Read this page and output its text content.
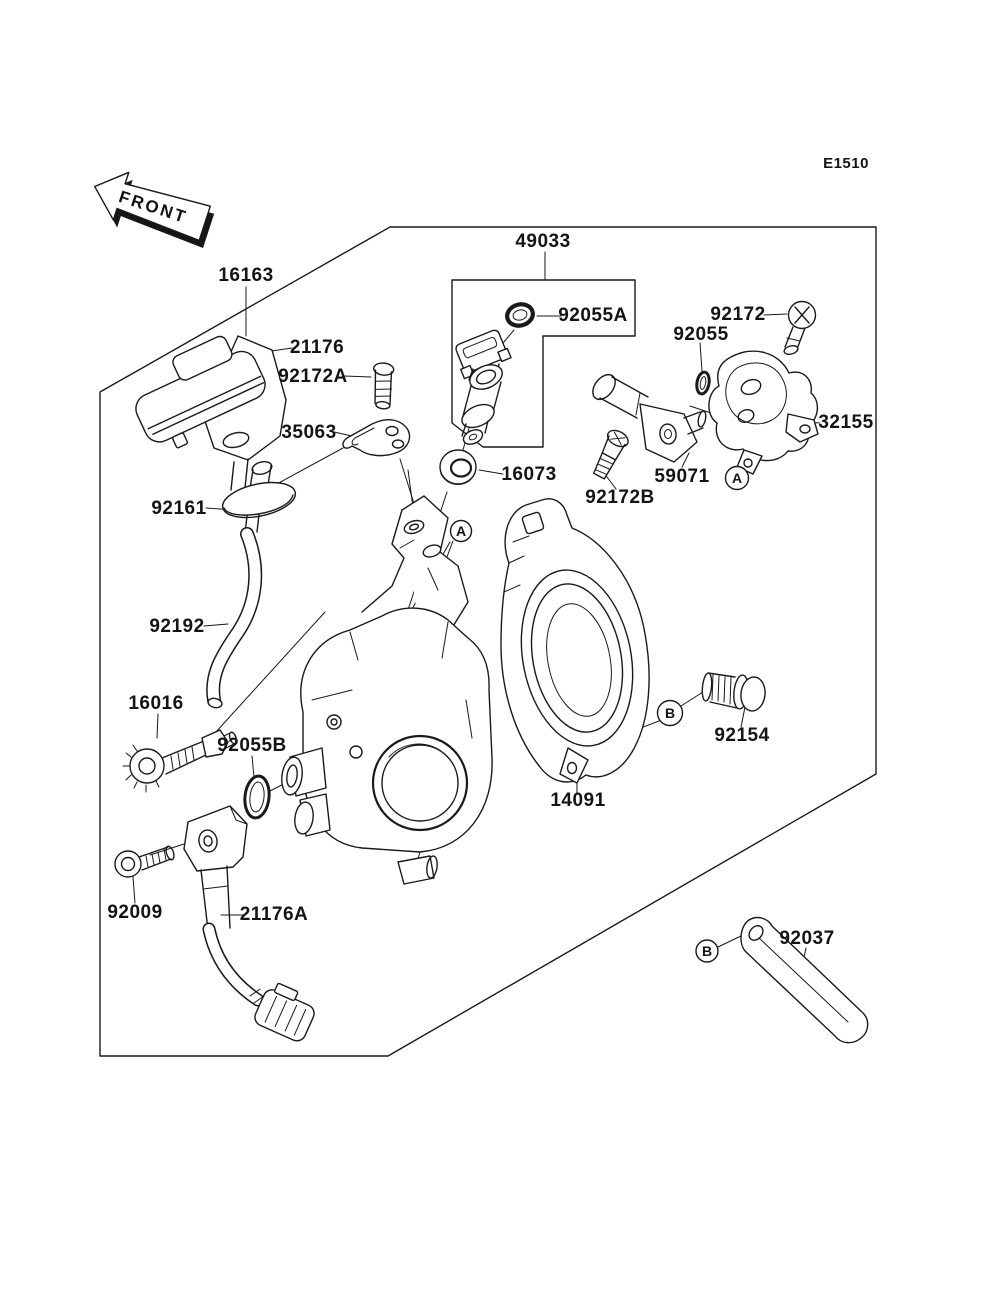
E1510
FRONT
A
A
B
B
16163
21176
92172A
35063
92161
92192
16016
92055B
92009	21176A
49033
92055A
16073
92172B
59071
92055
92172
32155
92154
14091
92037
